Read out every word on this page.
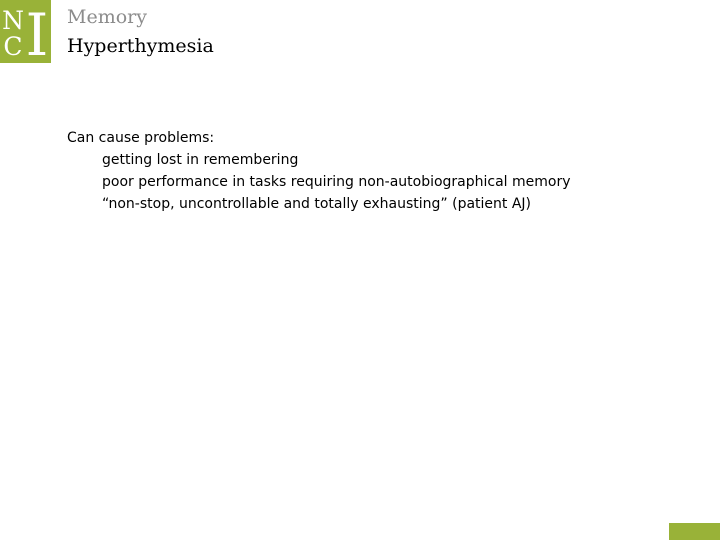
N
C I Memory
Hyperthymesia
Can cause problems:
getting lost in remembering
poor performance in tasks requiring non-autobiographical memory
“non-stop, uncontrollable and totally exhausting” (patient AJ)
